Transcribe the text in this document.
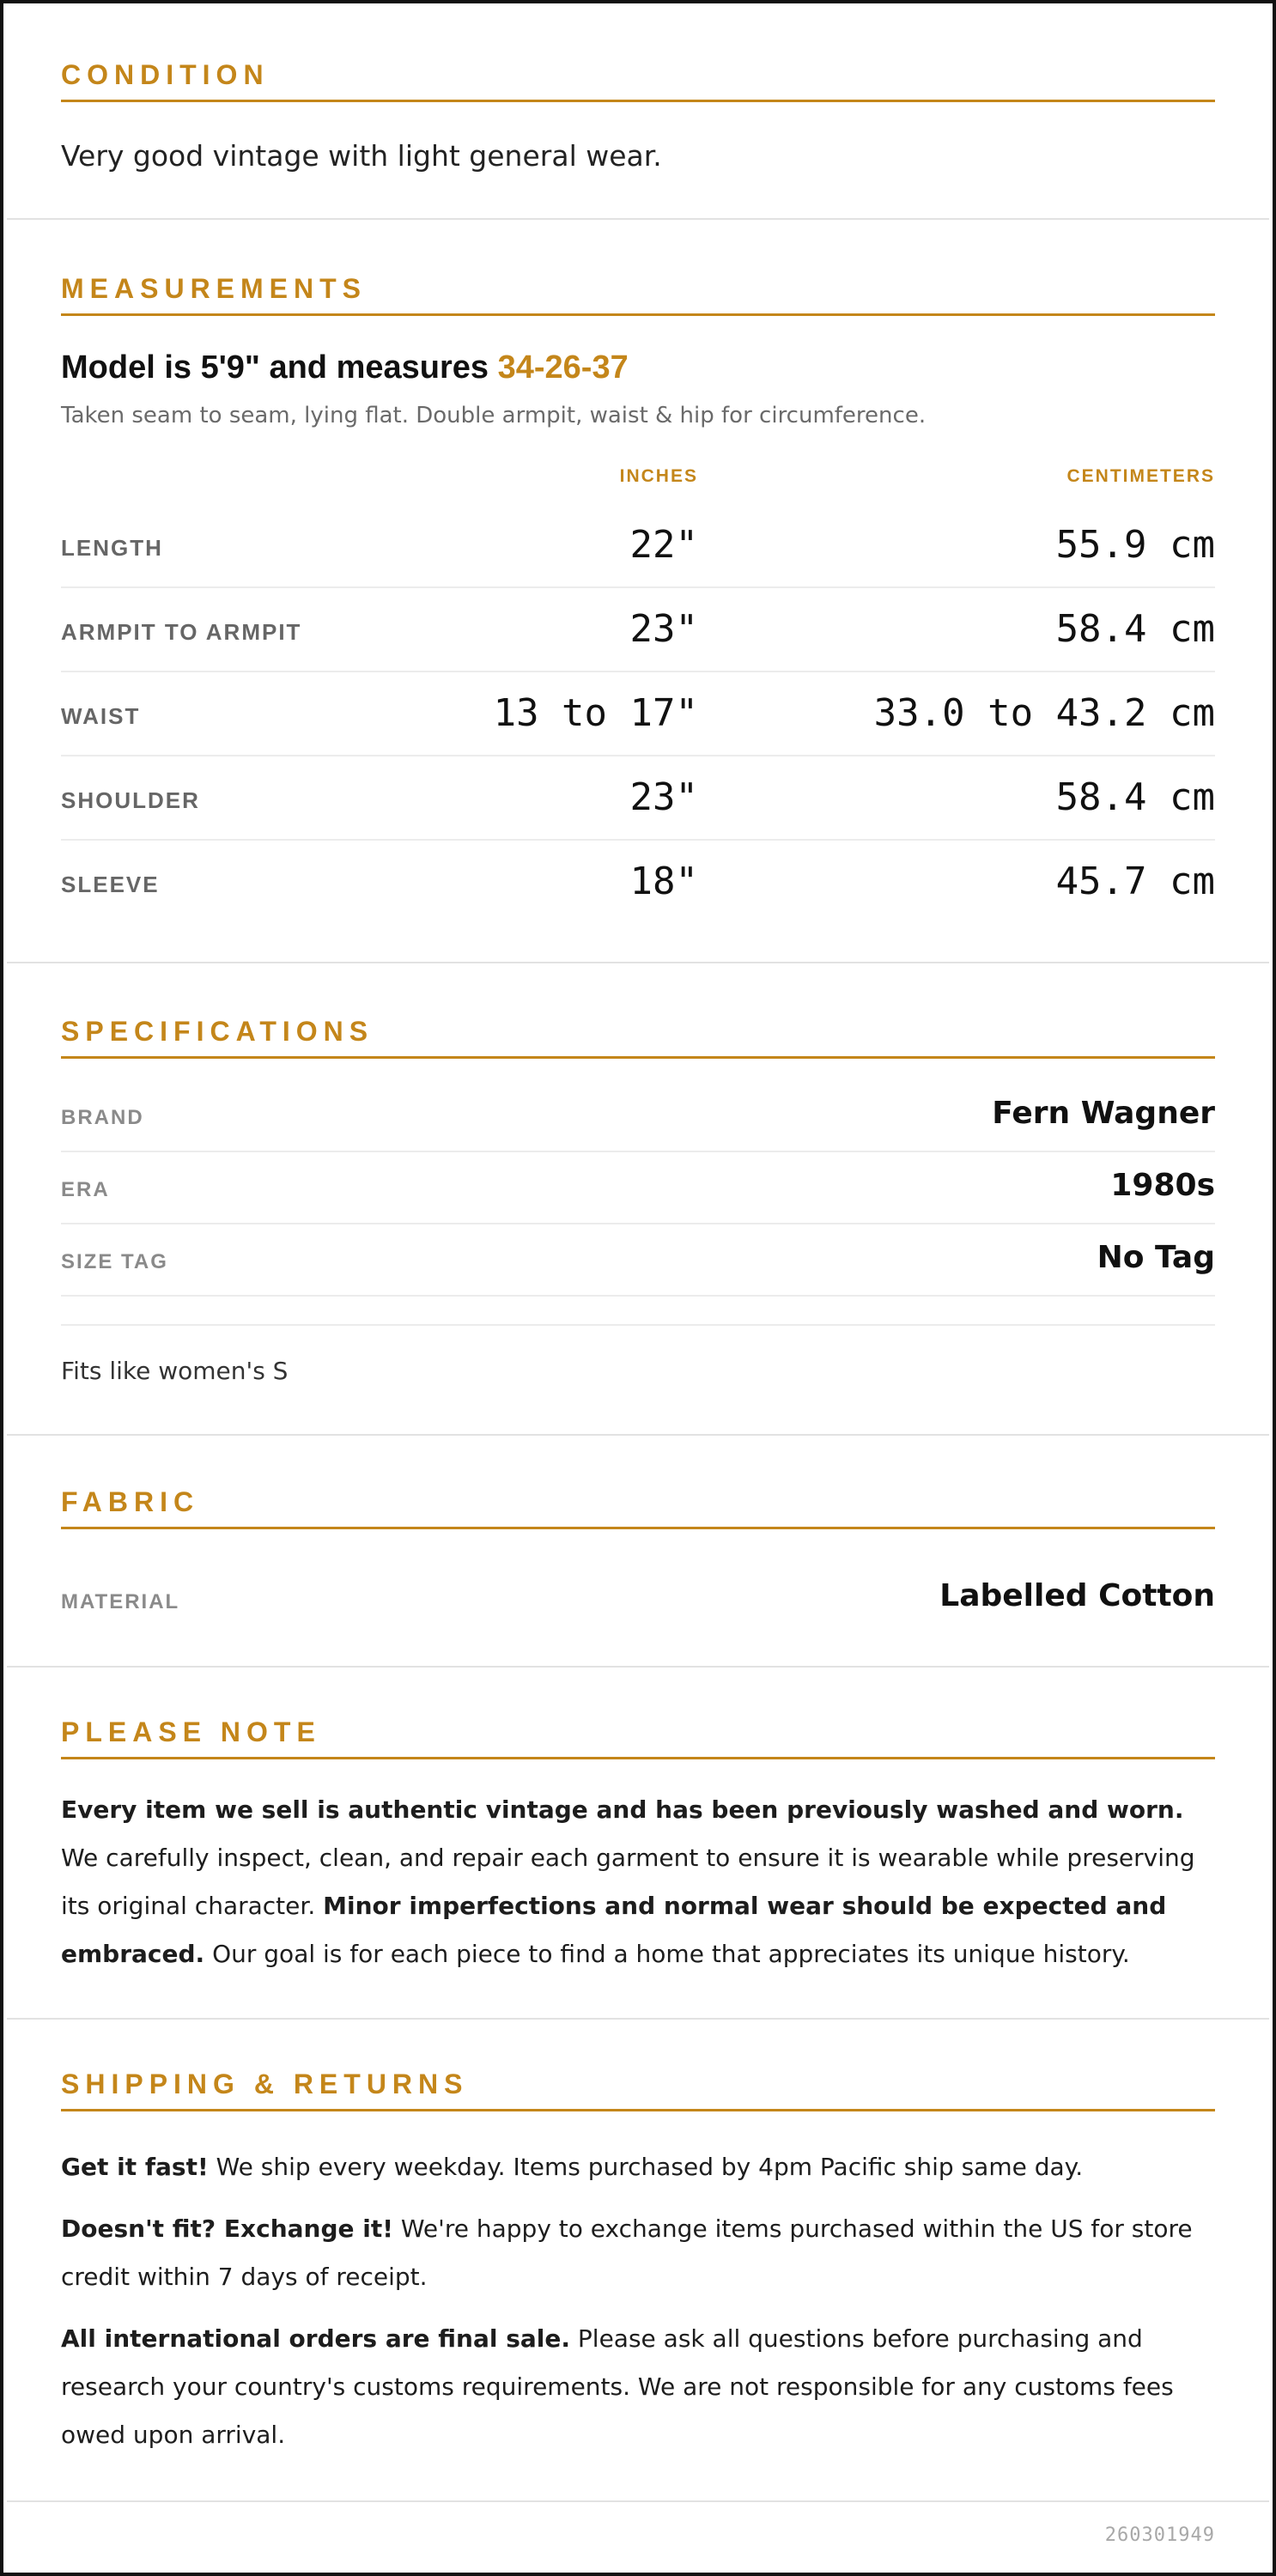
CONDITION
Very good vintage with light general wear.
MEASUREMENTS
Model is 5'9" and measures 34-26-37
Taken seam to seam, lying flat. Double armpit, waist & hip for circumference.
INCHES	CENTIMETERS
LENGTH	22"	55.9 cm
ARMPIT TO ARMPIT	23"	58.4 cm
WAIST	13 to 17"	33.0 to 43.2 cm
SHOULDER	23"	58.4 cm
SLEEVE	18"	45.7 cm
SPECIFICATIONS
BRAND	Fern Wagner
ERA	1980s
SIZE TAG	No Tag
Fits like women's S
FABRIC
MATERIAL	Labelled Cotton
PLEASE NOTE
Every item we sell is authentic vintage and has been previously washed and worn. We carefully inspect, clean, and repair each garment to ensure it is wearable while preserving its original character. Minor imperfections and normal wear should be expected and embraced. Our goal is for each piece to find a home that appreciates its unique history.
SHIPPING & RETURNS
Get it fast! We ship every weekday. Items purchased by 4pm Pacific ship same day.
Doesn't fit? Exchange it! We're happy to exchange items purchased within the US for store credit within 7 days of receipt.
All international orders are final sale. Please ask all questions before purchasing and research your country's customs requirements. We are not responsible for any customs fees owed upon arrival.
260301949
